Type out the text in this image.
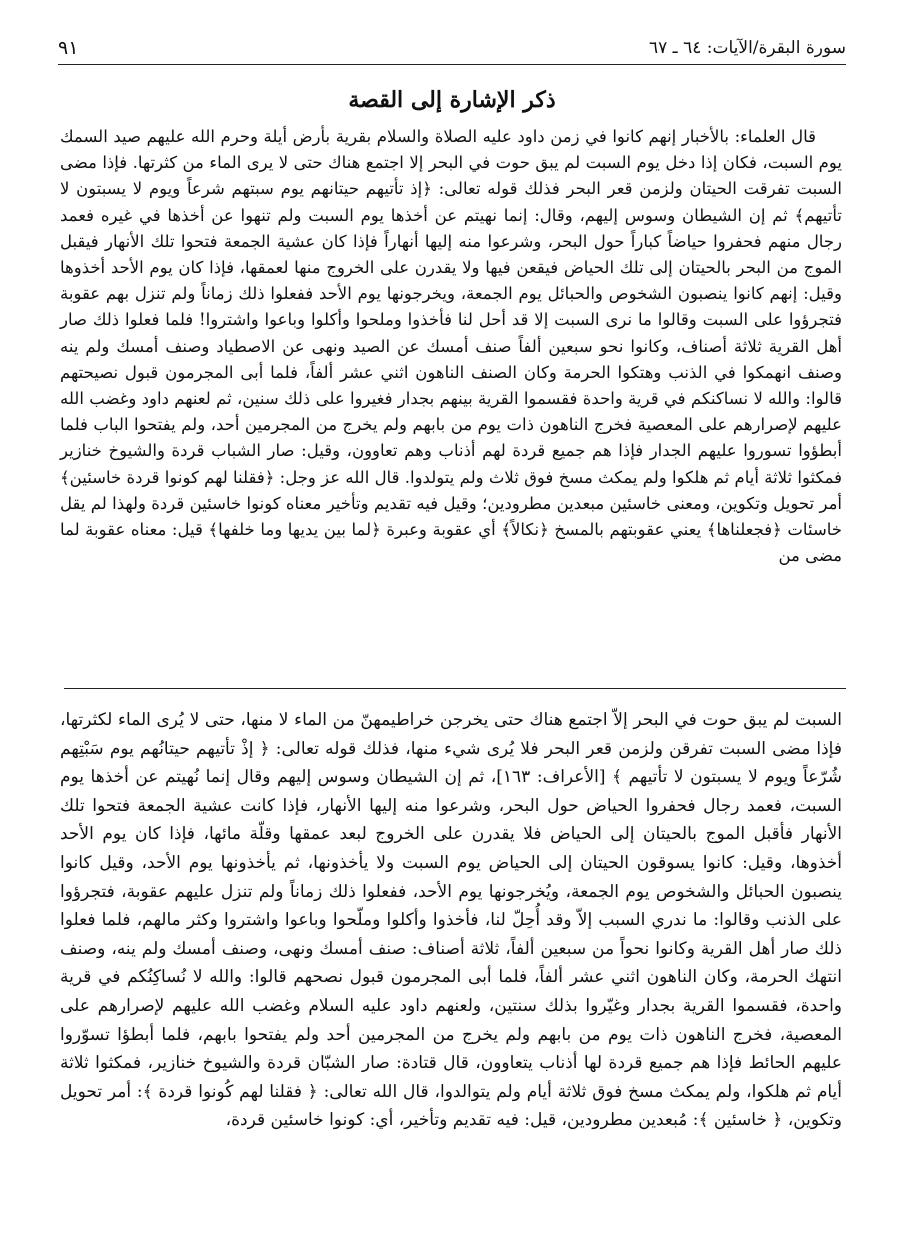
سورة البقرة/الآيات: ٦٤ ـ ٦٧
٩١
ذكر الإشارة إلى القصة

قال العلماء: بالأخبار إنهم كانوا في زمن داود عليه الصلاة والسلام بقرية بأرض أيلة وحرم الله عليهم صيد السمك يوم السبت، فكان إذا دخل يوم السبت لم يبق حوت في البحر إلا اجتمع هناك حتى لا يرى الماء من كثرتها. فإذا مضى السبت تفرقت الحيتان ولزمن قعر البحر فذلك قوله تعالى: ﴿إذ تأتيهم حيتانهم يوم سبتهم شرعاً ويوم لا يسبتون لا تأتيهم﴾ ثم إن الشيطان وسوس إليهم، وقال: إنما نهيتم عن أخذها يوم السبت ولم تنهوا عن أخذها في غيره فعمد رجال منهم فحفروا حياضاً كباراً حول البحر، وشرعوا منه إليها أنهاراً فإذا كان عشية الجمعة فتحوا تلك الأنهار فيقبل الموج من البحر بالحيتان إلى تلك الحياض فيقعن فيها ولا يقدرن على الخروج منها لعمقها، فإذا كان يوم الأحد أخذوها وقيل: إنهم كانوا ينصبون الشخوص والحبائل يوم الجمعة، ويخرجونها يوم الأحد ففعلوا ذلك زماناً ولم تنزل بهم عقوبة فتجرؤوا على السبت وقالوا ما نرى السبت إلا قد أحل لنا فأخذوا وملحوا وأكلوا وباعوا واشتروا! فلما فعلوا ذلك صار أهل القرية ثلاثة أصناف، وكانوا نحو سبعين ألفاً صنف أمسك عن الصيد ونهى عن الاصطياد وصنف أمسك ولم ينه وصنف انهمكوا في الذنب وهتكوا الحرمة وكان الصنف الناهون اثني عشر ألفاً، فلما أبى المجرمون قبول نصيحتهم قالوا: والله لا نساكنكم في قرية واحدة فقسموا القرية بينهم بجدار فغيروا على ذلك سنين، ثم لعنهم داود وغضب الله عليهم لإصرارهم على المعصية فخرج الناهون ذات يوم من بابهم ولم يخرج من المجرمين أحد، ولم يفتحوا الباب فلما أبطؤوا تسوروا عليهم الجدار فإذا هم جميع قردة لهم أذناب وهم تعاوون، وقيل: صار الشباب قردة والشيوخ خنازير فمكثوا ثلاثة أيام ثم هلكوا ولم يمكث مسخ فوق ثلاث ولم يتولدوا. قال الله عز وجل: ﴿فقلنا لهم كونوا قردة خاسئين﴾ أمر تحويل وتكوين، ومعنى خاسئين مبعدين مطرودين؛ وقيل فيه تقديم وتأخير معناه كونوا خاسئين قردة ولهذا لم يقل خاسئات ﴿فجعلناها﴾ يعني عقوبتهم بالمسخ ﴿نكالاً﴾ أي عقوبة وعبرة ﴿لما بين يديها وما خلفها﴾ قيل: معناه عقوبة لما مضى من

السبت لم يبق حوت في البحر إلاّ اجتمع هناك حتى يخرجن خراطيمهنّ من الماء لا منها، حتى لا يُرى الماء لكثرتها، فإذا مضى السبت تفرقن ولزمن قعر البحر فلا يُرى شيء منها، فذلك قوله تعالى: ﴿ إذْ تأتيهم حيتانُهم يوم سَبْتِهم شُرّعاً ويوم لا يسبتون لا تأتيهم ﴾ [الأعراف: ١٦٣]، ثم إن الشيطان وسوس إليهم وقال إنما نُهيتم عن أخذها يوم السبت، فعمد رجال فحفروا الحياض حول البحر، وشرعوا منه إليها الأنهار، فإذا كانت عشية الجمعة فتحوا تلك الأنهار فأقبل الموج بالحيتان إلى الحياض فلا يقدرن على الخروج لبعد عمقها وقلّة مائها، فإذا كان يوم الأحد أخذوها، وقيل: كانوا يسوقون الحيتان إلى الحياض يوم السبت ولا يأخذونها، ثم يأخذونها يوم الأحد، وقيل كانوا ينصبون الحبائل والشخوص يوم الجمعة، ويُخرجونها يوم الأحد، ففعلوا ذلك زماناً ولم تنزل عليهم عقوبة، فتجرؤوا على الذنب وقالوا: ما ندري السبب إلاّ وقد أُحِلّ لنا، فأخذوا وأكلوا وملّحوا وباعوا واشتروا وكثر مالهم، فلما فعلوا ذلك صار أهل القرية وكانوا نحواً من سبعين ألفاً، ثلاثة أصناف: صنف أمسك ونهى، وصنف أمسك ولم ينه، وصنف انتهك الحرمة، وكان الناهون اثني عشر ألفاً، فلما أبى المجرمون قبول نصحهم قالوا: والله لا نُساكِنُكم في قرية واحدة، فقسموا القرية بجدار وغيّروا بذلك سنتين، ولعنهم داود عليه السلام وغضب الله عليهم لإصرارهم على المعصية، فخرج الناهون ذات يوم من بابهم ولم يخرج من المجرمين أحد ولم يفتحوا بابهم، فلما أبطؤا تسوّروا عليهم الحائط فإذا هم جميع قردة لها أذناب يتعاوون، قال قتادة: صار الشبّان قردة والشيوخ خنازير، فمكثوا ثلاثة أيام ثم هلكوا، ولم يمكث مسخ فوق ثلاثة أيام ولم يتوالدوا، قال الله تعالى: ﴿ فقلنا لهم كُونوا قردة ﴾: أمر تحويل وتكوين، ﴿ خاسئين ﴾: مُبعدين مطرودين، قيل: فيه تقديم وتأخير، أي: كونوا خاسئين قردة،
